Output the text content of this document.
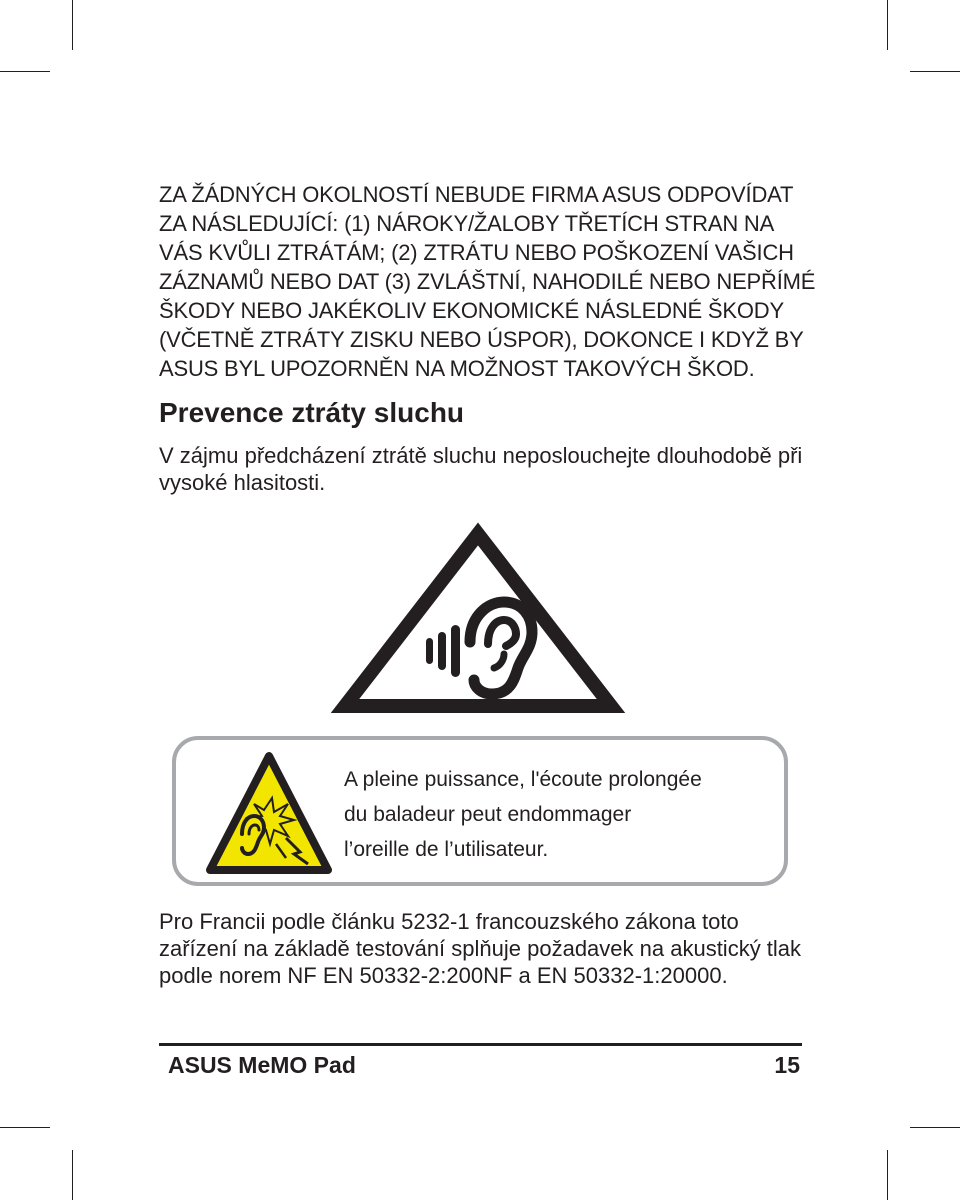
ZA ŽÁDNÝCH OKOLNOSTÍ NEBUDE FIRMA ASUS ODPOVÍDAT ZA NÁSLEDUJÍCÍ: (1) NÁROKY/ŽALOBY TŘETÍCH STRAN NA VÁS KVŮLI ZTRÁTÁM; (2) ZTRÁTU NEBO POŠKOZENÍ VAŠICH ZÁZNAMŮ NEBO DAT (3) ZVLÁŠTNÍ, NAHODILÉ NEBO NEPŘÍMÉ ŠKODY NEBO JAKÉKOLIV EKONOMICKÉ NÁSLEDNÉ ŠKODY (VČETNĚ ZTRÁTY ZISKU NEBO ÚSPOR), DOKONCE I KDYŽ BY ASUS BYL UPOZORNĚN NA MOŽNOST TAKOVÝCH ŠKOD.

Prevence ztráty sluchu

V zájmu předcházení ztrátě sluchu neposlouchejte dlouhodobě při vysoké hlasitosti.

A pleine puissance, l'écoute prolongée
du baladeur peut endommager
l’oreille de l’utilisateur.

Pro Francii podle článku 5232-1 francouzského zákona toto zařízení na základě testování splňuje požadavek na akustický tlak podle norem NF EN 50332-2:200NF a EN 50332-1:20000.

ASUS MeMO Pad	15
